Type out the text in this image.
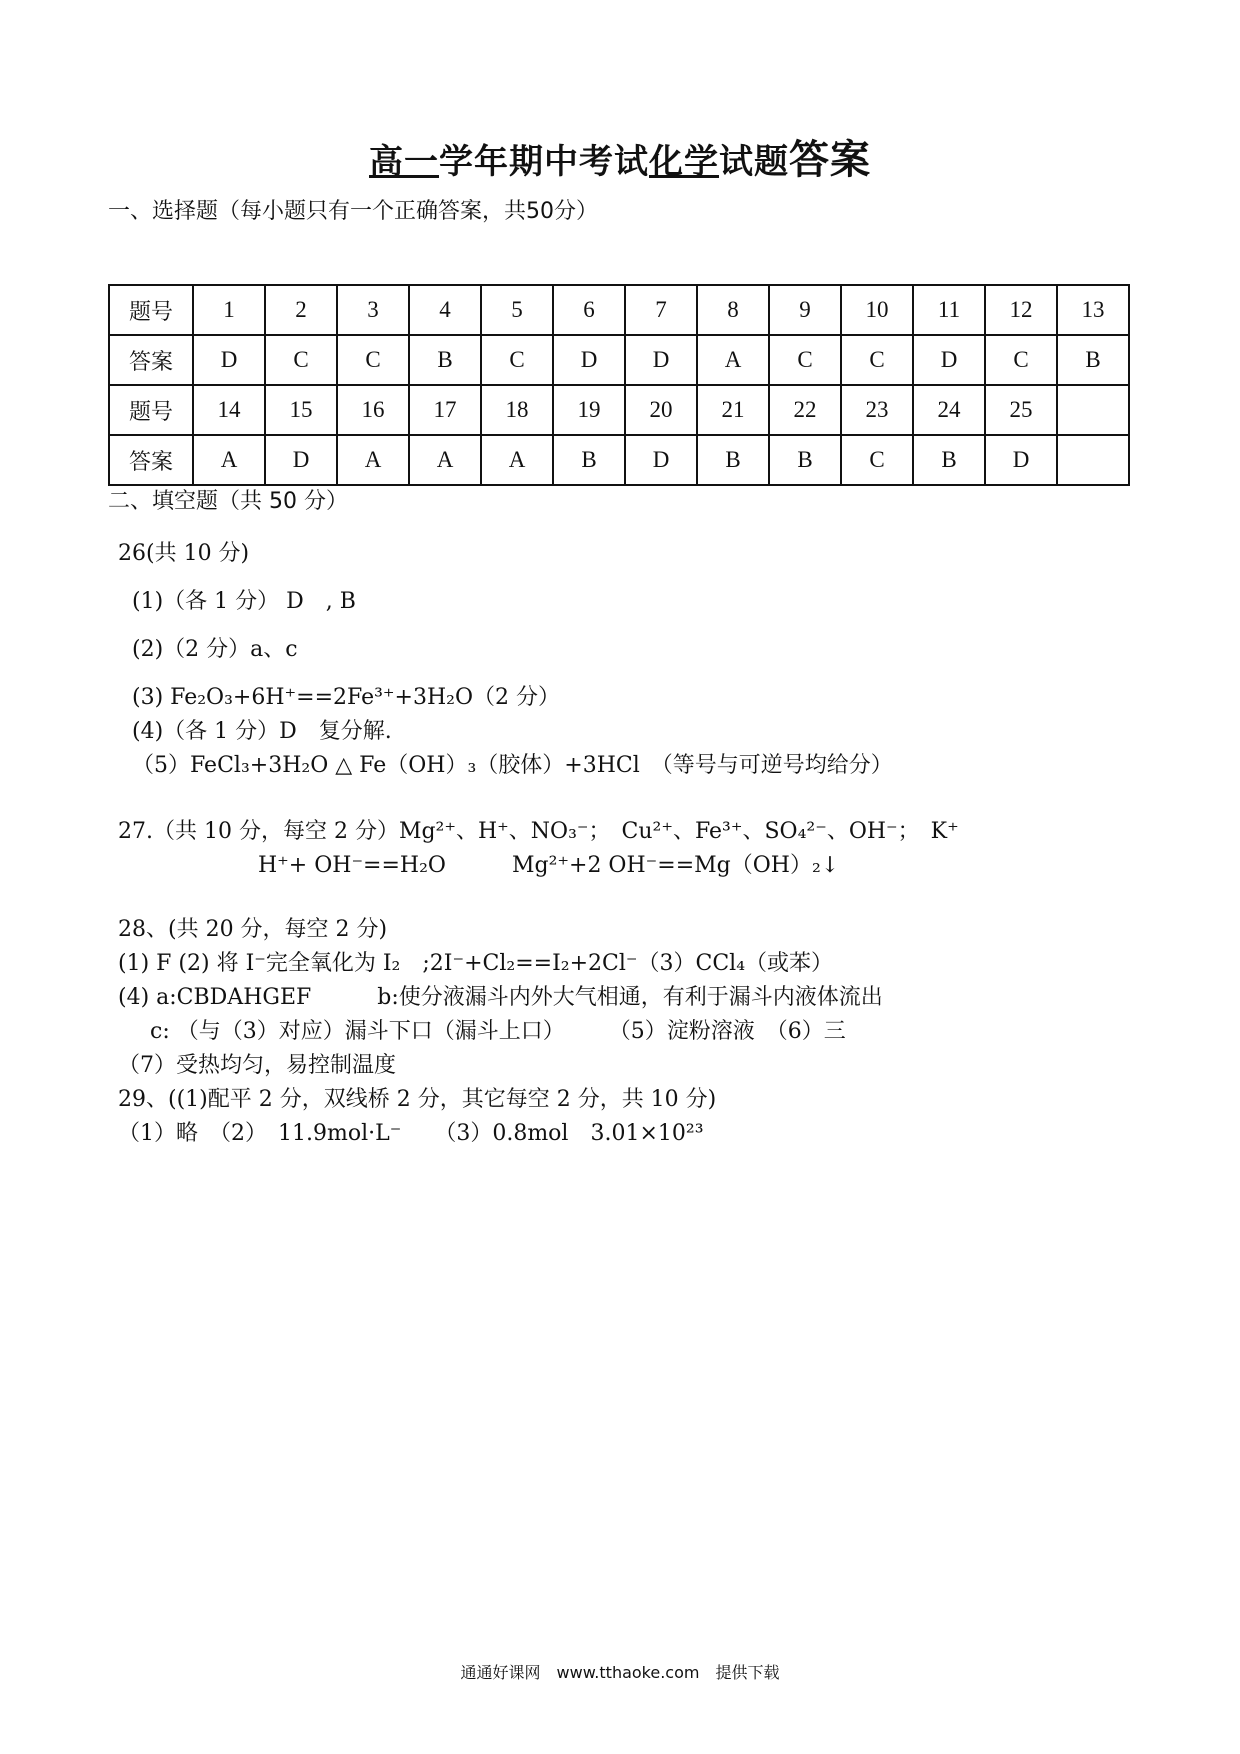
高一学年期中考试化学试题答案
一、选择题（每小题只有一个正确答案，共50分）
题号	1	2	3	4	5	6	7	8	9	10	11	12	13
答案	D	C	C	B	C	D	D	A	C	C	D	C	B
题号	14	15	16	17	18	19	20	21	22	23	24	25	
答案	A	D	A	A	A	B	D	B	B	C	B	D	
二、填空题（共 50 分）
26(共 10 分)
(1)（各 1 分） D　, B
(2)（2 分）a、c
(3) Fe₂O₃+6H⁺==2Fe³⁺+3H₂O（2 分）
(4)（各 1 分）D　复分解.
（5）FeCl₃+3H₂O △ Fe（OH）₃（胶体）+3HCl　（等号与可逆号均给分）
27.（共 10 分，每空 2 分）Mg²⁺、H⁺、NO₃⁻；　Cu²⁺、Fe³⁺、SO₄²⁻、OH⁻；　K⁺
H⁺+ OH⁻==H₂O　　　Mg²⁺+2 OH⁻==Mg（OH）₂↓
28、(共 20 分，每空 2 分)
(1) F (2) 将 I⁻完全氧化为 I₂　;2I⁻+Cl₂==I₂+2Cl⁻（3）CCl₄（或苯）
(4) a:CBDAHGEF　　　b:使分液漏斗内外大气相通，有利于漏斗内液体流出
c: （与（3）对应）漏斗下口（漏斗上口）　　　（5）淀粉溶液　（6）三
（7）受热均匀，易控制温度
29、((1)配平 2 分，双线桥 2 分，其它每空 2 分，共 10 分)
（1）略　（2）　11.9mol·L⁻　　（3）0.8mol　3.01×10²³
通通好课网　www.tthaoke.com　提供下载
